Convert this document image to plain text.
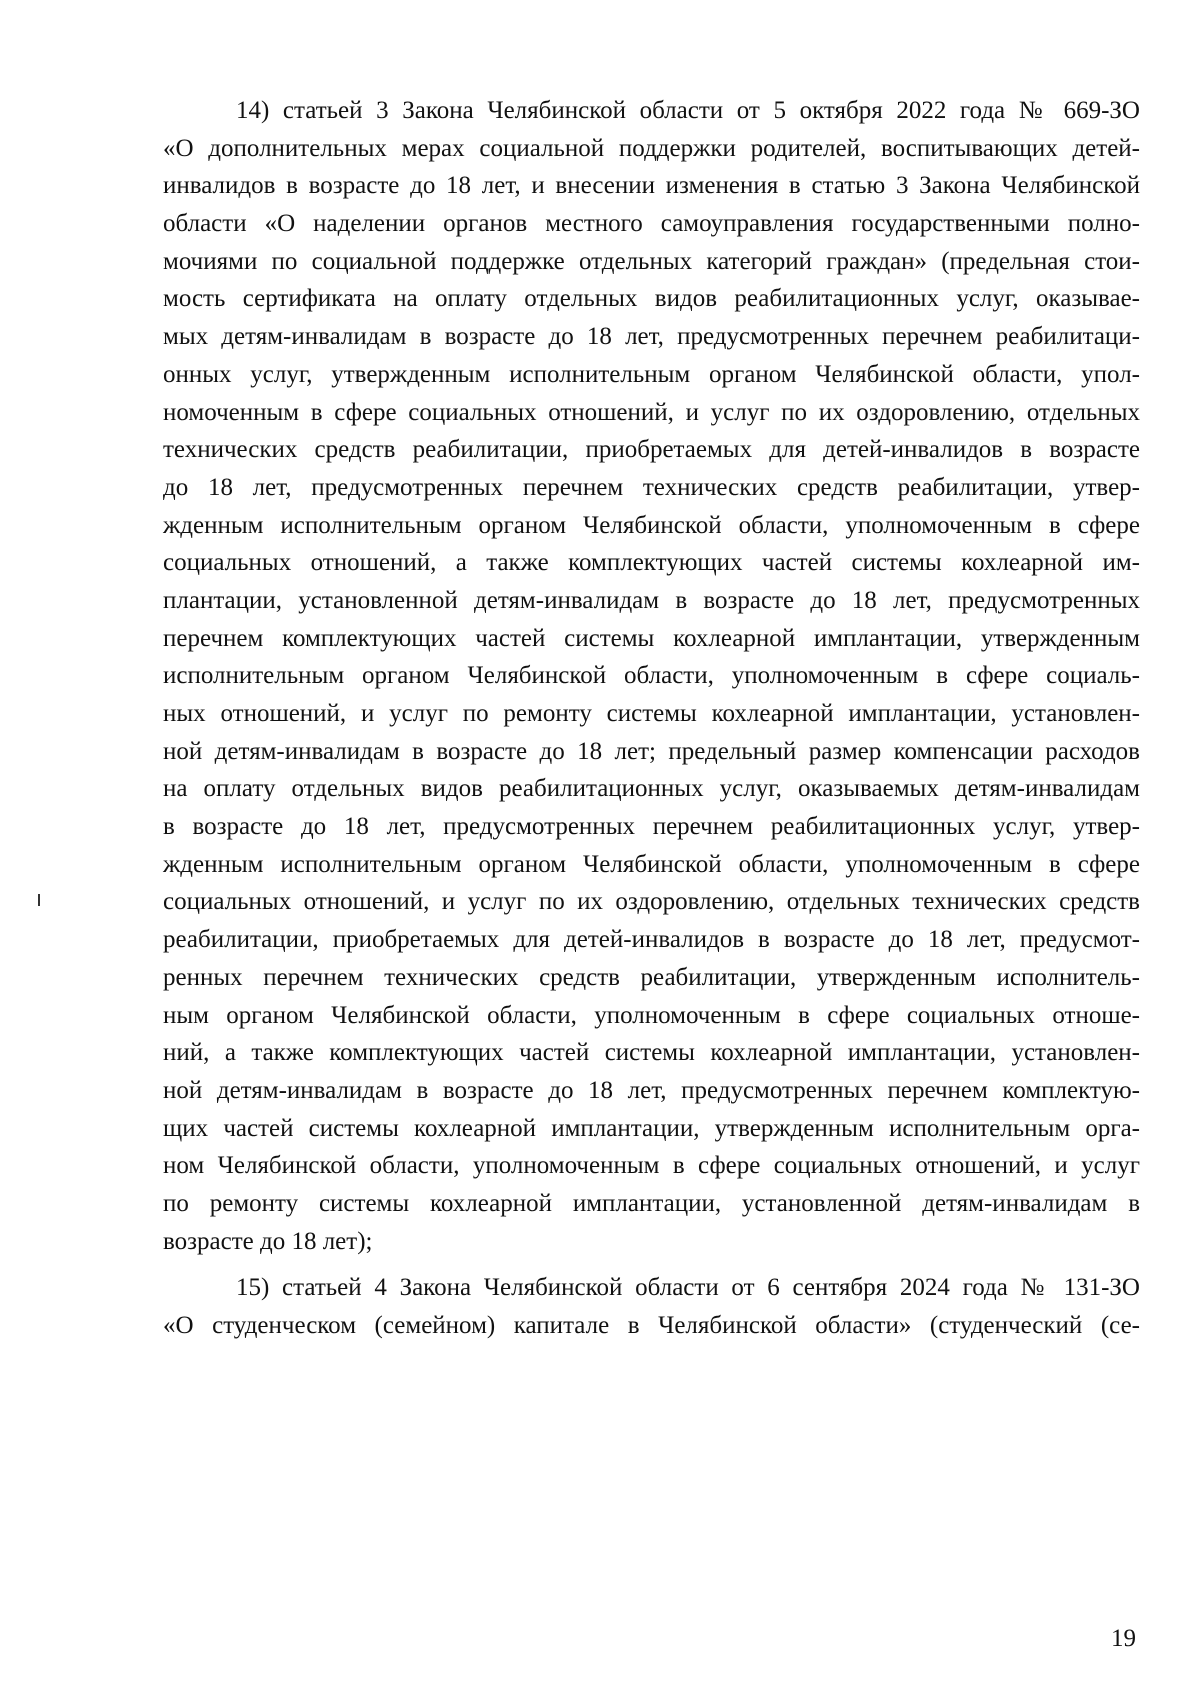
14) статьей 3 Закона Челябинской области от 5 октября 2022 года № 669-ЗО
«О дополнительных мерах социальной поддержки родителей, воспитывающих детей-
инвалидов в возрасте до 18 лет, и внесении изменения в статью 3 Закона Челябинской
области «О наделении органов местного самоуправления государственными полно-
мочиями по социальной поддержке отдельных категорий граждан» (предельная стои-
мость сертификата на оплату отдельных видов реабилитационных услуг, оказывае-
мых детям-инвалидам в возрасте до 18 лет, предусмотренных перечнем реабилитаци-
онных услуг, утвержденным исполнительным органом Челябинской области, упол-
номоченным в сфере социальных отношений, и услуг по их оздоровлению, отдельных
технических средств реабилитации, приобретаемых для детей-инвалидов в возрасте
до 18 лет, предусмотренных перечнем технических средств реабилитации, утвер-
жденным исполнительным органом Челябинской области, уполномоченным в сфере
социальных отношений, а также комплектующих частей системы кохлеарной им-
плантации, установленной детям-инвалидам в возрасте до 18 лет, предусмотренных
перечнем комплектующих частей системы кохлеарной имплантации, утвержденным
исполнительным органом Челябинской области, уполномоченным в сфере социаль-
ных отношений, и услуг по ремонту системы кохлеарной имплантации, установлен-
ной детям-инвалидам в возрасте до 18 лет; предельный размер компенсации расходов
на оплату отдельных видов реабилитационных услуг, оказываемых детям-инвалидам
в возрасте до 18 лет, предусмотренных перечнем реабилитационных услуг, утвер-
жденным исполнительным органом Челябинской области, уполномоченным в сфере
социальных отношений, и услуг по их оздоровлению, отдельных технических средств
реабилитации, приобретаемых для детей-инвалидов в возрасте до 18 лет, предусмот-
ренных перечнем технических средств реабилитации, утвержденным исполнитель-
ным органом Челябинской области, уполномоченным в сфере социальных отноше-
ний, а также комплектующих частей системы кохлеарной имплантации, установлен-
ной детям-инвалидам в возрасте до 18 лет, предусмотренных перечнем комплектую-
щих частей системы кохлеарной имплантации, утвержденным исполнительным орга-
ном Челябинской области, уполномоченным в сфере социальных отношений, и услуг
по ремонту системы кохлеарной имплантации, установленной детям-инвалидам в
возрасте до 18 лет);
15) статьей 4 Закона Челябинской области от 6 сентября 2024 года № 131-ЗО
«О студенческом (семейном) капитале в Челябинской области» (студенческий (се-
19
